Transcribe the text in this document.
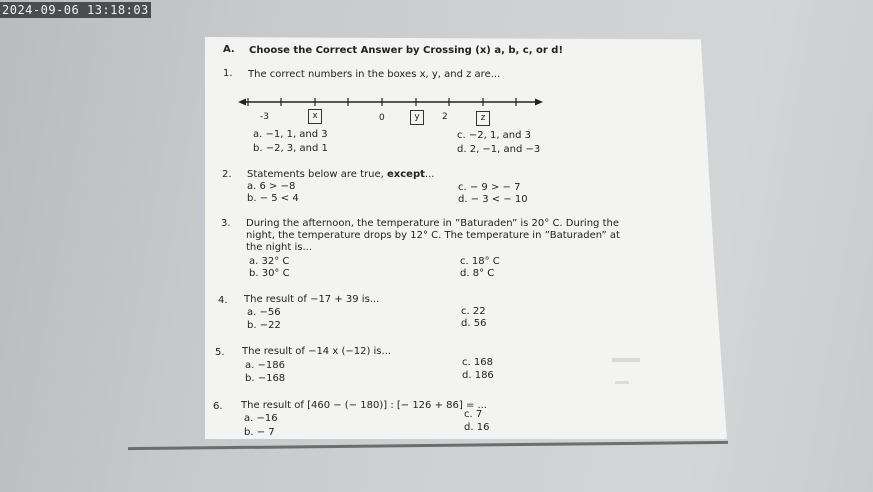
2024-09-06 13:18:03
A. Choose the Correct Answer by Crossing (x) a, b, c, or d!
1. The correct numbers in the boxes x, y, and z are...
-3	0	2
x	y	z
a. −1, 1, and 3
b. −2, 3, and 1
c. −2, 1, and 3
d. 2, −1, and −3
2. Statements below are true, except...
a. 6 > −8
b. − 5 < 4
c. − 9 > − 7
d. − 3 < − 10
3. During the afternoon, the temperature in ”Baturaden” is 20° C. During the
night, the temperature drops by 12° C. The temperature in ”Baturaden” at
the night is...
a. 32° C
b. 30° C
c. 18° C
d. 8° C
4. The result of −17 + 39 is...
a. −56
b. −22
c. 22
d. 56
5. The result of −14 x (−12) is...
a. −186
b. −168
c. 168
d. 186
6. The result of [460 − (− 180)] : [− 126 + 86] = ...
a. −16
b. − 7
c. 7
d. 16
